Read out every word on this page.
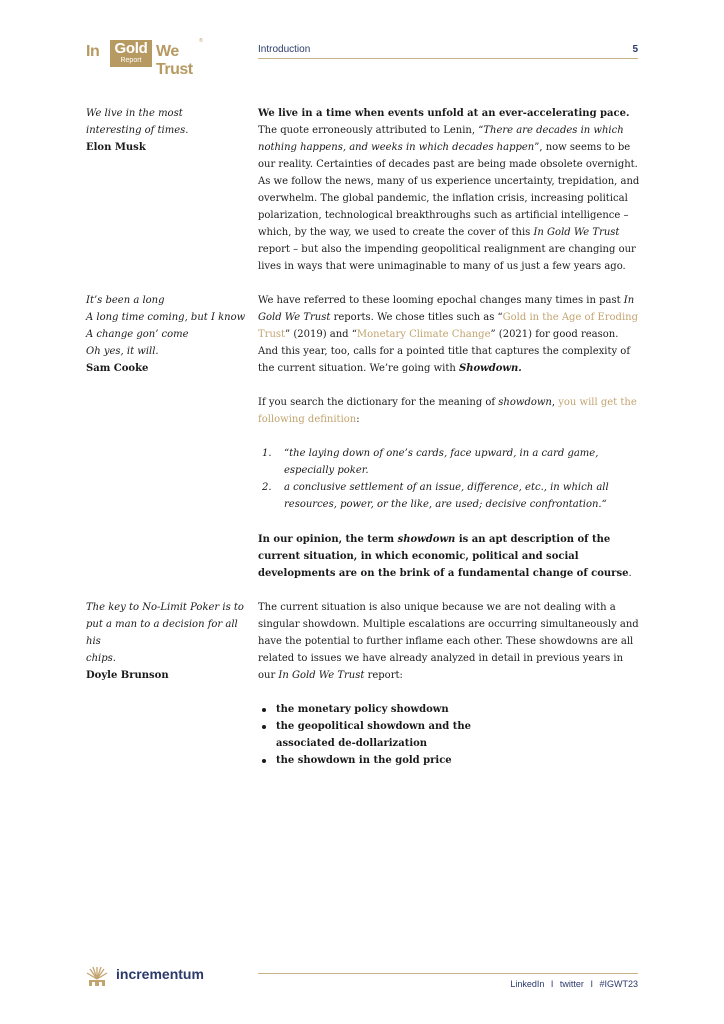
In	Gold
Report
We Trust
®
Introduction	5
We live in the most
interesting of times.
Elon Musk
It’s been a long
A long time coming, but I know
A change gon’ come
Oh yes, it will.
Sam Cooke
The key to No-Limit Poker is to
put a man to a decision for all his
chips.
Doyle Brunson

We live in a time when events unfold at an ever-accelerating pace. The quote erroneously attributed to Lenin, “There are decades in which nothing happens, and weeks in which decades happen”, now seems to be our reality. Certainties of decades past are being made obsolete overnight. As we follow the news, many of us experience uncertainty, trepidation, and overwhelm. The global pandemic, the inflation crisis, increasing political polarization, technological breakthroughs such as artificial intelligence – which, by the way, we used to create the cover of this In Gold We Trust report – but also the impending geopolitical realignment are changing our lives in ways that were unimaginable to many of us just a few years ago.

We have referred to these looming epochal changes many times in past In Gold We Trust reports. We chose titles such as “Gold in the Age of Eroding Trust” (2019) and “Monetary Climate Change” (2021) for good reason. And this year, too, calls for a pointed title that captures the complexity of the current situation. We’re going with Showdown.

If you search the dictionary for the meaning of showdown, you will get the following definition:

1. “the laying down of one’s cards, face upward, in a card game, especially poker.
2. a conclusive settlement of an issue, difference, etc., in which all resources, power, or the like, are used; decisive confrontation.“

In our opinion, the term showdown is an apt description of the current situation, in which economic, political and social developments are on the brink of a fundamental change of course.

The current situation is also unique because we are not dealing with a singular showdown. Multiple escalations are occurring simultaneously and have the potential to further inflame each other. These showdowns are all related to issues we have already analyzed in detail in previous years in our In Gold We Trust report:

the monetary policy showdown
the geopolitical showdown and the associated de-dollarization
the showdown in the gold price
incrementum
LinkedIn I twitter I #IGWT23
